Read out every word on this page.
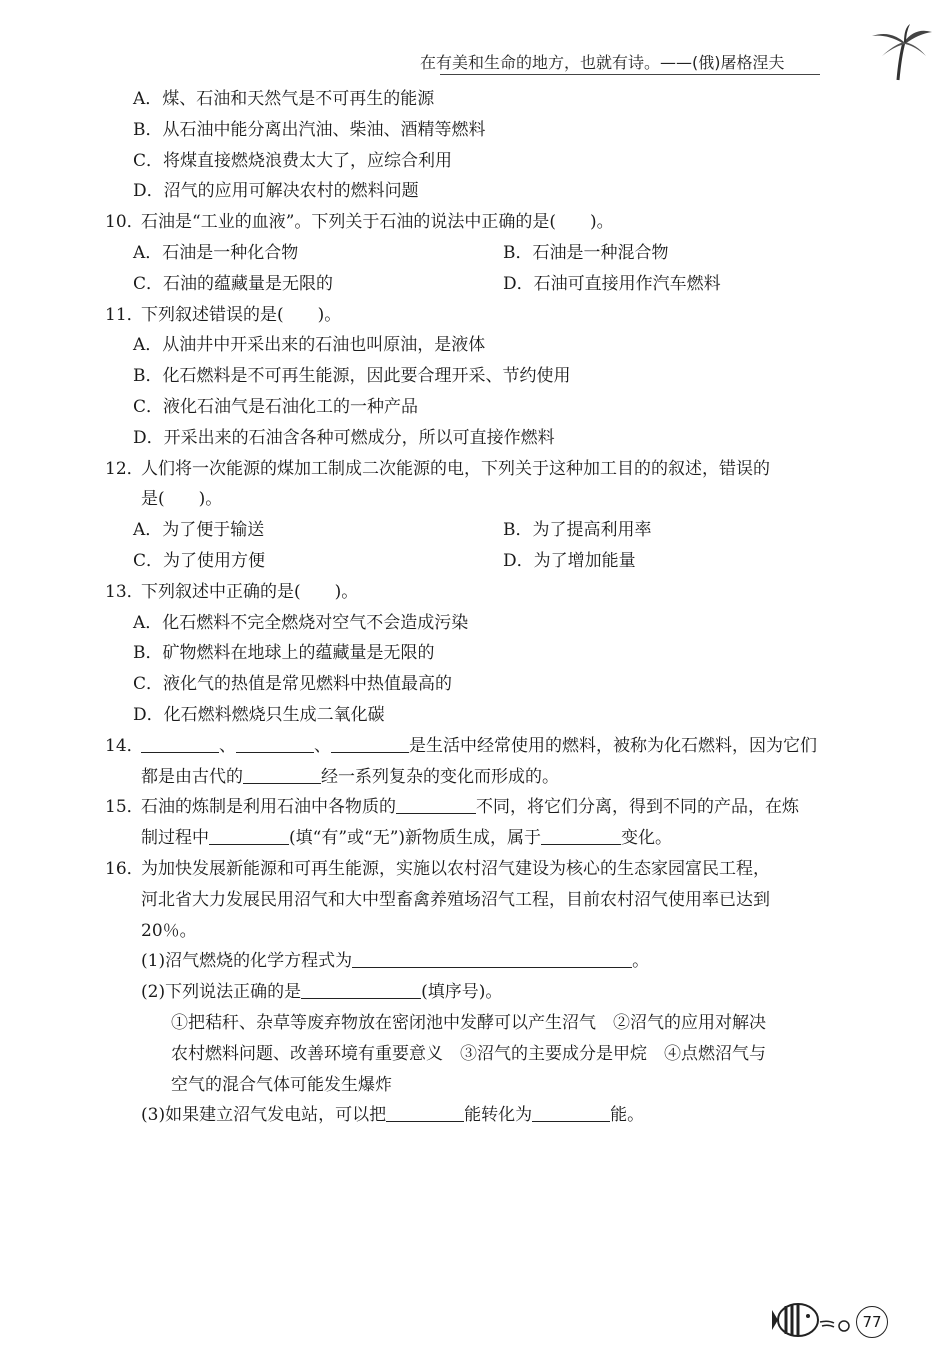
在有美和生命的地方，也就有诗。——(俄)屠格涅夫
A．煤、石油和天然气是不可再生的能源
B．从石油中能分离出汽油、柴油、酒精等燃料
C．将煤直接燃烧浪费太大了，应综合利用
D．沼气的应用可解决农村的燃料问题
10．石油是“工业的血液”。下列关于石油的说法中正确的是(　　)。
A．石油是一种化合物	B．石油是一种混合物
C．石油的蕴藏量是无限的	D．石油可直接用作汽车燃料
11．下列叙述错误的是(　　)。
A．从油井中开采出来的石油也叫原油，是液体
B．化石燃料是不可再生能源，因此要合理开采、节约使用
C．液化石油气是石油化工的一种产品
D．开采出来的石油含各种可燃成分，所以可直接作燃料
12．人们将一次能源的煤加工制成二次能源的电，下列关于这种加工目的的叙述，错误的
是(　　)。
A．为了便于输送	B．为了提高利用率
C．为了使用方便	D．为了增加能量
13．下列叙述中正确的是(　　)。
A．化石燃料不完全燃烧对空气不会造成污染
B．矿物燃料在地球上的蕴藏量是无限的
C．液化气的热值是常见燃料中热值最高的
D．化石燃料燃烧只生成二氧化碳
14．	、	、	是生活中经常使用的燃料，被称为化石燃料，因为它们
都是由古代的	经一系列复杂的变化而形成的。
15．石油的炼制是利用石油中各物质的	不同，将它们分离，得到不同的产品，在炼
制过程中	(填“有”或“无”)新物质生成，属于	变化。
16．为加快发展新能源和可再生能源，实施以农村沼气建设为核心的生态家园富民工程，
河北省大力发展民用沼气和大中型畜禽养殖场沼气工程，目前农村沼气使用率已达到
20％。
(1)沼气燃烧的化学方程式为	。
(2)下列说法正确的是	(填序号)。
①把秸秆、杂草等废弃物放在密闭池中发酵可以产生沼气　②沼气的应用对解决
农村燃料问题、改善环境有重要意义　③沼气的主要成分是甲烷　④点燃沼气与
空气的混合气体可能发生爆炸
(3)如果建立沼气发电站，可以把	能转化为	能。
77
